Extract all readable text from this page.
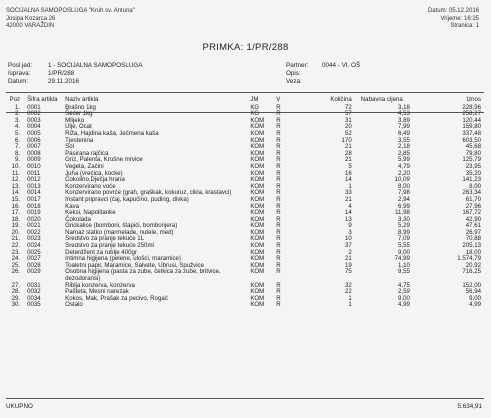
SOCIJALNA SAMOPOSLUGA "Kruh sv. Antuna"
Josipa Kozarca 26
42000 VARAŽDIN
Datum: 05.12.2016
Vrijeme: 16:25
Stranica: 1
PRIMKA: 1/PR/288
Posl.jed:	1 - SOCIJALNA SAMOPOSLUGA
Isprava:	1/PR/288
Datum:	29.11.2016
Partner:	0044 - VI. OŠ
Opis:
Veza:
Poz	Šifra artikla	Naziv artikla	JM	V	Količina	Nabavna cijena	Iznos
1.	0001	Brašno 1kg	KG	R	72	3,18	228,96
2.	0002	Šećer 1kg	KG	R	57	4,53	258,27
3.	0003	Mlijeko	KOM	R	31	3,89	120,44
4.	0004	Ulje, Ocat	KOM	R	20	7,99	159,80
5.	0005	Riža, Hajdina kaša, Ječmena kaša	KOM	R	52	6,49	337,48
6.	0006	Tjestenina	KOM	R	170	3,55	603,50
7.	0007	Sol	KOM	R	21	2,18	45,68
8.	0008	Pasirana rajčica	KOM	R	28	2,85	79,80
9.	0009	Griz, Palenta, Krušne mrvice	KOM	R	21	5,99	125,79
10.	0010	Vegeta, Začini	KOM	R	5	4,79	23,95
11.	0011	Juha (vrećica, kocke)	KOM	R	16	2,20	35,20
12.	0012	Čokolino,Dječja hrana	KOM	R	14	10,09	141,23
13.	0013	Konzervirano voće	KOM	R	1	8,00	8,00
14.	0014	Konzervirano povrće (grah, graškak, kokuruz, cikla, krastavci)	KOM	R	33	7,98	263,34
15.	0017	Instant pripravci (čaj, kapučino, puding, divka)	KOM	R	21	2,94	61,70
16.	0018	Kava	KOM	R	4	6,99	27,96
17.	0019	Keksi, Napolitanke	KOM	R	14	11,98	167,72
18.	0020	Čokolada	KOM	R	13	3,30	42,90
19.	0021	Grickalice (bomboni, štapići, bombonjera)	KOM	R	9	5,29	47,61
20.	0022	Namaz slatko (marmelade, nutele, med)	KOM	R	3	8,99	26,97
21.	0023	Sredstvo za pranje tekuće 1L	KOM	R	10	7,09	70,88
22.	0024	Sredstvo za pranje tekuće 250ml	KOM	R	37	5,55	205,13
23.	0025	Deterdžent za rublje 400gr	KOM	R	2	9,00	18,00
24.	0027	Intimna higijena (pelene, ulošci, maramice)	KOM	R	21	74,99	1.574,79
25.	0028	Toaletni papir, Maramice, Salvete, Ubrusi, Spužvice	KOM	R	19	1,10	20,92
26.	0029	Osobna higijena (pasta za zube, četkica za zube, britvice, dezodoransi)	KOM	R	75	9,55	716,25
27.	0031	Riblja konzerva, konzerva	KOM	R	32	4,75	152,00
28.	0032	Pašteta, Mesni narezak	KOM	R	22	2,59	56,94
29.	0034	Kokos, Mak, Prašak za pecivo, Rogač	KOM	R	1	9,00	9,00
30.	0035	Ostalo	KOM	R	1	4,99	4,99
UKUPNO	5.634,91
